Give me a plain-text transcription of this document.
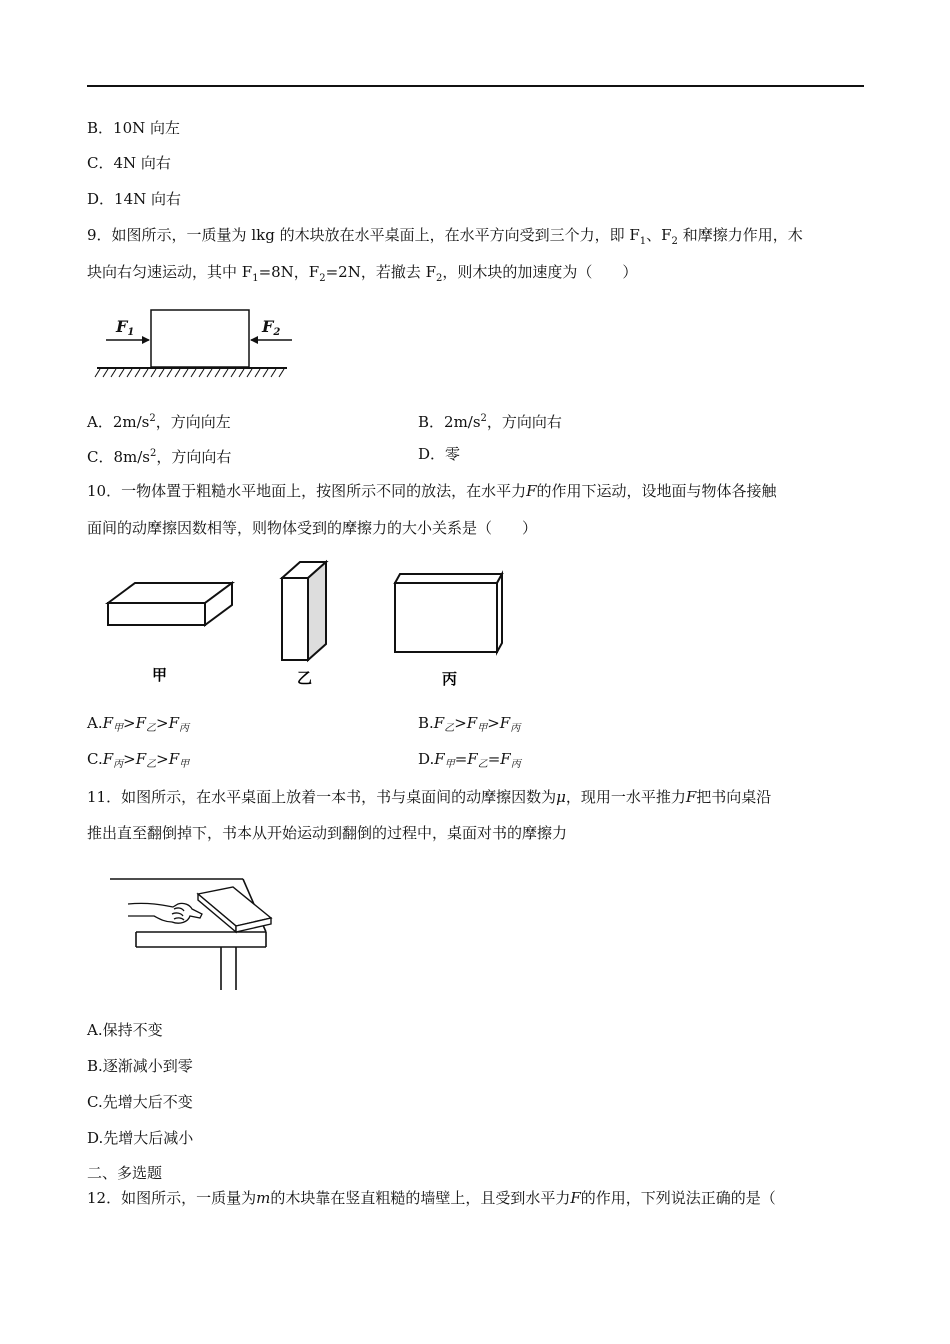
B．10N 向左
C．4N 向右
D．14N 向右
9．如图所示，一质量为 lkg 的木块放在水平桌面上，在水平方向受到三个力，即 $F_1$、$F_2$ 和摩擦力作用，木
块向右匀速运动，其中 $F_1=8N$，$F_2=2N$，若撤去 $F_2$，则木块的加速度为（　　）
F1	F2
A．$2m/s^2$，方向向左	B．$2m/s^2$，方向向右
C．$8m/s^2$，方向向右	D．零
10．一物体置于粗糙水平地面上，按图所示不同的放法，在水平力F的作用下运动，设地面与物体各接触
面间的动摩擦因数相等，则物体受到的摩擦力的大小关系是（　　）
甲	乙	丙
$A.F_甲>F_乙>F_丙$	$B.F_乙>F_甲>F_丙$
$C.F_丙>F_乙>F_甲$	$D.F_甲=F_乙=F_丙$
11．如图所示，在水平桌面上放着一本书，书与桌面间的动摩擦因数为μ，现用一水平推力F把书向桌沿
推出直至翻倒掉下，书本从开始运动到翻倒的过程中，桌面对书的摩擦力
A.保持不变
B.逐渐减小到零
C.先增大后不变
D.先增大后减小
二、多选题
12．如图所示，一质量为m的木块靠在竖直粗糙的墙壁上，且受到水平力F的作用，下列说法正确的是（
